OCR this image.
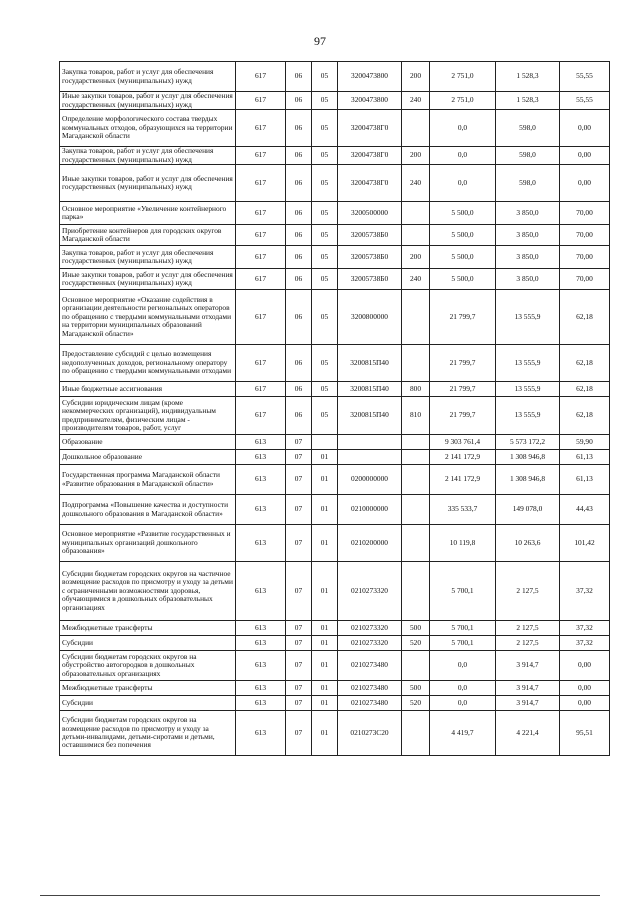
97
Закупка товаров, работ и услуг для обеспечения государственных (муниципальных) нужд	617	06	05	3200473800	200	2 751,0	1 528,3	55,55
Иные закупки товаров, работ и услуг для обеспечения государственных (муниципальных) нужд	617	06	05	3200473800	240	2 751,0	1 528,3	55,55
Определение морфологического состава твердых коммунальных отходов, образующихся на территории Магаданской области	617	06	05	32004738Г0		0,0	598,0	0,00
Закупка товаров, работ и услуг для обеспечения государственных (муниципальных) нужд	617	06	05	32004738Г0	200	0,0	598,0	0,00
Иные закупки товаров, работ и услуг для обеспечения государственных (муниципальных) нужд	617	06	05	32004738Г0	240	0,0	598,0	0,00
Основное мероприятие «Увеличение контейнерного парка»	617	06	05	3200500000		5 500,0	3 850,0	70,00
Приобретение контейнеров для городских округов Магаданской области	617	06	05	32005738Б0		5 500,0	3 850,0	70,00
Закупка товаров, работ и услуг для обеспечения государственных (муниципальных) нужд	617	06	05	32005738Б0	200	5 500,0	3 850,0	70,00
Иные закупки товаров, работ и услуг для обеспечения государственных (муниципальных) нужд	617	06	05	32005738Б0	240	5 500,0	3 850,0	70,00
Основное мероприятие «Оказание содействия в организации деятельности региональных операторов по обращению с твердыми коммунальными отходами на территории муниципальных образований Магаданской области»	617	06	05	3200800000		21 799,7	13 555,9	62,18
Предоставление субсидий с целью возмещения недополученных доходов, региональному оператору по обращению с твердыми коммунальными отходами	617	06	05	3200815П40		21 799,7	13 555,9	62,18
Иные бюджетные ассигнования	617	06	05	3200815П40	800	21 799,7	13 555,9	62,18
Субсидии юридическим лицам (кроме некоммерческих организаций), индивидуальным предпринимателям, физическим лицам - производителям товаров, работ, услуг	617	06	05	3200815П40	810	21 799,7	13 555,9	62,18
Образование	613	07				9 303 761,4	5 573 172,2	59,90
Дошкольное образование	613	07	01			2 141 172,9	1 308 946,8	61,13
Государственная программа Магаданской области «Развитие образования в Магаданской области»	613	07	01	0200000000		2 141 172,9	1 308 946,8	61,13
Подпрограмма «Повышение качества и доступности дошкольного образования в Магаданской области»	613	07	01	0210000000		335 533,7	149 078,0	44,43
Основное мероприятие «Развитие государственных и муниципальных организаций дошкольного образования»	613	07	01	0210200000		10 119,8	10 263,6	101,42
Субсидии бюджетам городских округов на частичное возмещение расходов по присмотру и уходу за детьми с ограниченными возможностями здоровья, обучающимися в дошкольных образовательных организациях	613	07	01	0210273320		5 700,1	2 127,5	37,32
Межбюджетные трансферты	613	07	01	0210273320	500	5 700,1	2 127,5	37,32
Субсидии	613	07	01	0210273320	520	5 700,1	2 127,5	37,32
Субсидии бюджетам городских округов на обустройство автогородков в дошкольных образовательных организациях	613	07	01	0210273480		0,0	3 914,7	0,00
Межбюджетные трансферты	613	07	01	0210273480	500	0,0	3 914,7	0,00
Субсидии	613	07	01	0210273480	520	0,0	3 914,7	0,00
Субсидии бюджетам городских округов на возмещение расходов по присмотру и уходу за детьми-инвалидами, детьми-сиротами и детьми, оставшимися без попечения	613	07	01	0210273С20		4 419,7	4 221,4	95,51
